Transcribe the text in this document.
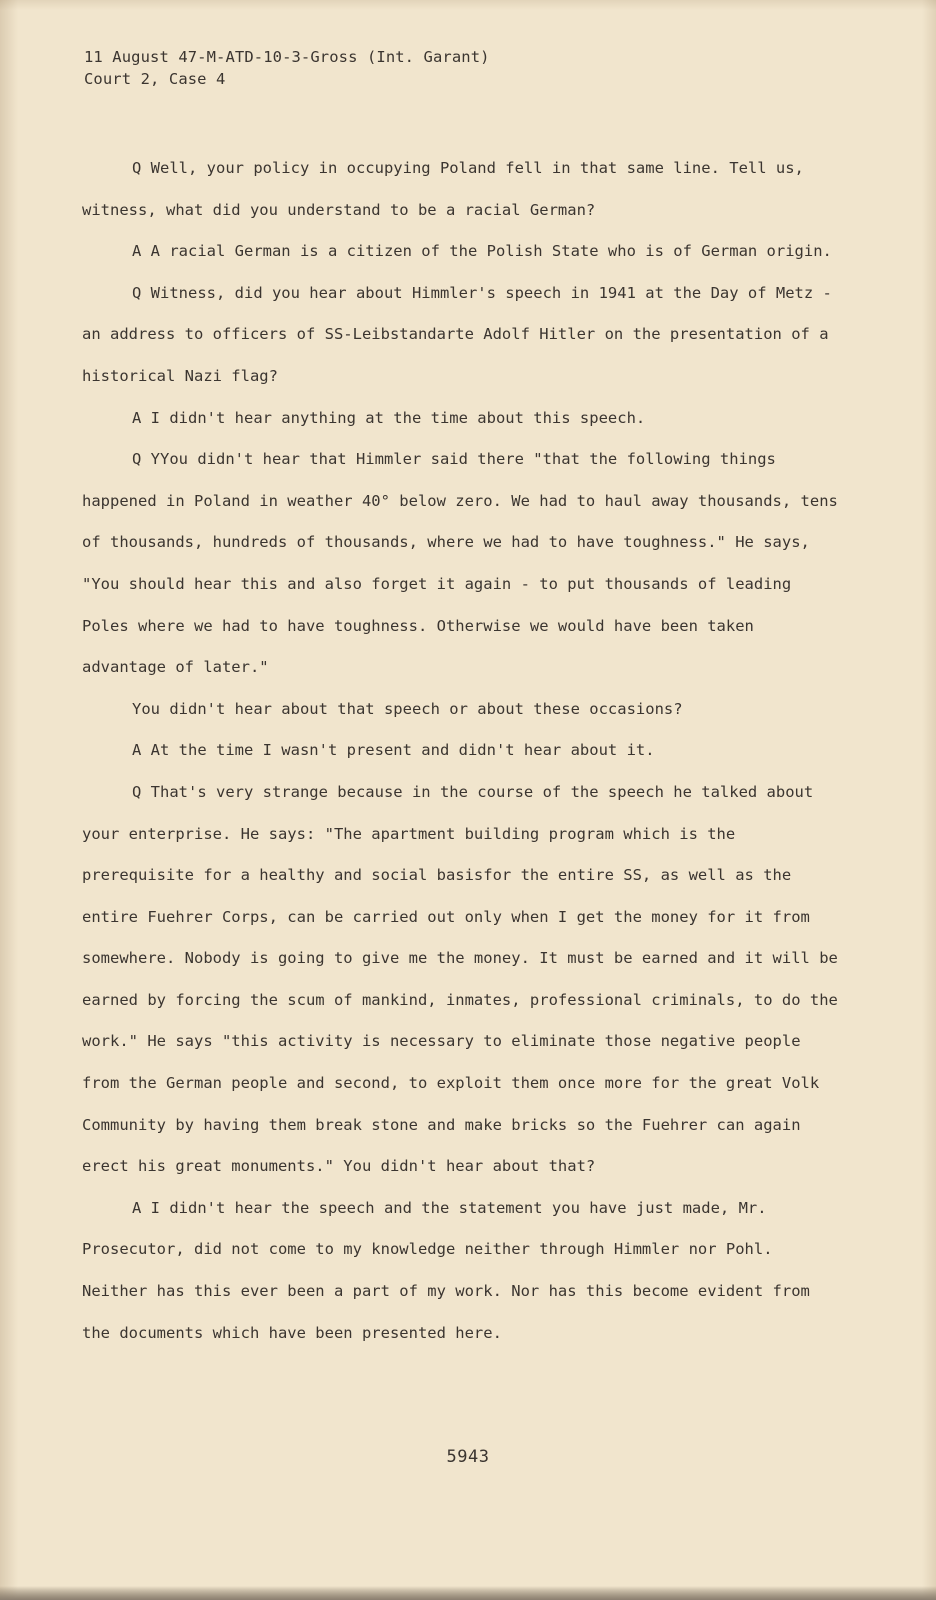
11 August 47-M-ATD-10-3-Gross (Int. Garant)
Court 2, Case 4

Q Well, your policy in occupying Poland fell in that same line. Tell us, witness, what did you understand to be a racial German?

A A racial German is a citizen of the Polish State who is of German origin.

Q Witness, did you hear about Himmler's speech in 1941 at the Day of Metz - an address to officers of SS-Leibstandarte Adolf Hitler on the presentation of a historical Nazi flag?

A I didn't hear anything at the time about this speech.

Q YYou didn't hear that Himmler said there "that the following things happened in Poland in weather 40° below zero. We had to haul away thousands, tens of thousands, hundreds of thousands, where we had to have toughness." He says, "You should hear this and also forget it again - to put thousands of leading Poles where we had to have toughness. Otherwise we would have been taken advantage of later."

You didn't hear about that speech or about these occasions?

A At the time I wasn't present and didn't hear about it.

Q That's very strange because in the course of the speech he talked about your enterprise. He says: "The apartment building program which is the prerequisite for a healthy and social basisfor the entire SS, as well as the entire Fuehrer Corps, can be carried out only when I get the money for it from somewhere. Nobody is going to give me the money. It must be earned and it will be earned by forcing the scum of mankind, inmates, professional criminals, to do the work." He says "this activity is necessary to eliminate those negative people from the German people and second, to exploit them once more for the great Volk Community by having them break stone and make bricks so the Fuehrer can again erect his great monuments." You didn't hear about that?

A I didn't hear the speech and the statement you have just made, Mr. Prosecutor, did not come to my knowledge neither through Himmler nor Pohl. Neither has this ever been a part of my work. Nor has this become evident from the documents which have been presented here.

5943
